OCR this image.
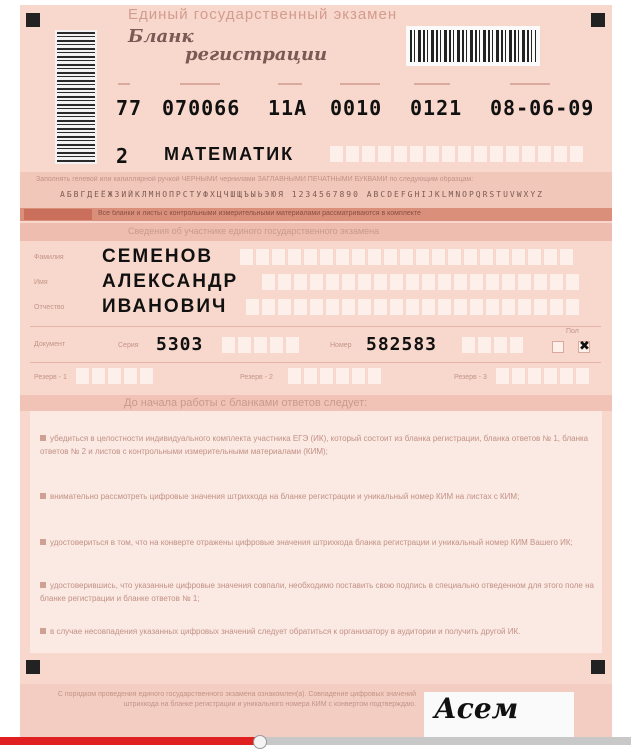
Единый государственный экзамен
Бланк
регистрации
77 070066 11А 0010 0121 08-06-09
2 МАТЕМАТИК
Заполнять гелевой или капиллярной ручкой ЧЕРНЫМИ чернилами ЗАГЛАВНЫМИ ПЕЧАТНЫМИ БУКВАМИ по следующим образцам:
АБВГДЕЁЖЗИЙКЛМНОПРСТУФХЦЧШЩЪЫЬЭЮЯ 1234567890 ABCDEFGHIJKLMNOPQRSTUVWXYZ
Все бланки и листы с контрольными измерительными материалами рассматриваются в комплекте
Сведения об участнике единого государственного экзамена
Фамилия СЕМЕНОВ
Имя	АЛЕКСАНДР
Отчество ИВАНОВИЧ
Документ	Серия 5303	Номер 582583
Пол
✖
Резерв - 1	Резерв - 2	Резерв - 3
До начала работы с бланками ответов следует:
убедиться в целостности индивидуального комплекта участника ЕГЭ (ИК), который состоит из бланка регистрации, бланка ответов № 1, бланка ответов № 2 и листов с контрольными измерительными материалами (КИМ);
внимательно рассмотреть цифровые значения штрихкода на бланке регистрации и уникальный номер КИМ на листах с КИМ;
удостовериться в том, что на конверте отражены цифровые значения штрихкода бланка регистрации и уникальный номер КИМ Вашего ИК;
удостоверившись, что указанные цифровые значения совпали, необходимо поставить свою подпись в специально отведенном для этого поле на бланке регистрации и бланке ответов № 1;
в случае несовпадения указанных цифровых значений следует обратиться к организатору в аудитории и получить другой ИК.
С порядком проведения единого государственного экзамена ознакомлен(а). Совпадение цифровых значений штрихкода на бланке регистрации и уникального номера КИМ с конвертом подтверждаю. Асем
